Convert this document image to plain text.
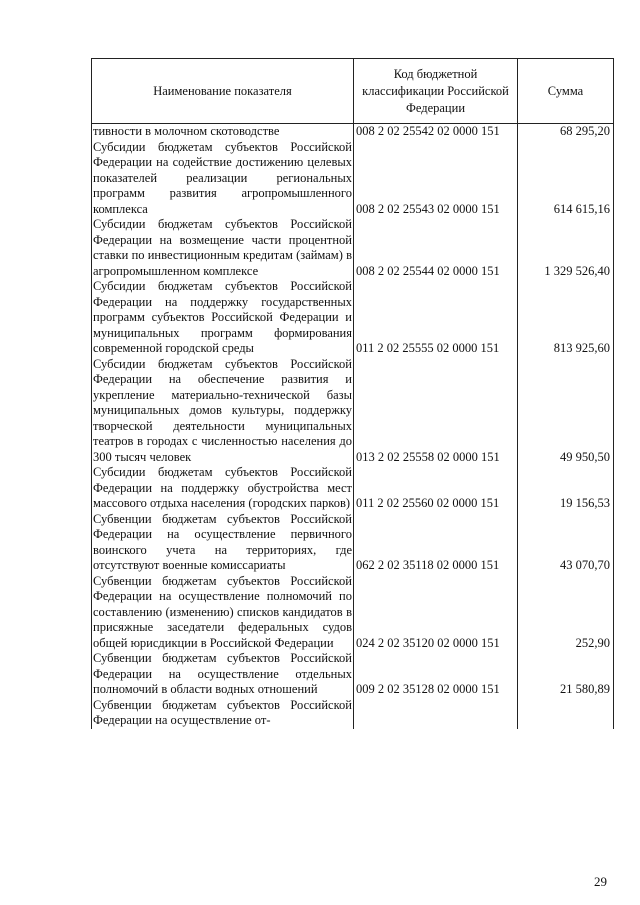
Наименование показателя	Код бюджетной классификации Российской Федерации	Сумма
тивности в молочном скотоводстве	008 2 02 25542 02 0000 151	68 295,20
Субсидии бюджетам субъектов Российской Федерации на содействие достижению целевых показателей реализации региональных программ развития агропромышленного комплекса	008 2 02 25543 02 0000 151	614 615,16
Субсидии бюджетам субъектов Российской Федерации на возмещение части процентной ставки по инвестиционным кредитам (займам) в агропромышленном комплексе	008 2 02 25544 02 0000 151	1 329 526,40
Субсидии бюджетам субъектов Российской Федерации на поддержку государственных программ субъектов Российской Федерации и муниципальных программ формирования современной городской среды	011 2 02 25555 02 0000 151	813 925,60
Субсидии бюджетам субъектов Российской Федерации на обеспечение развития и укрепление материально-технической базы муниципальных домов культуры, поддержку творческой деятельности муниципальных театров в городах с численностью населения до 300 тысяч человек	013 2 02 25558 02 0000 151	49 950,50
Субсидии бюджетам субъектов Российской Федерации на поддержку обустройства мест массового отдыха населения (городских парков)	011 2 02 25560 02 0000 151	19 156,53
Субвенции бюджетам субъектов Российской Федерации на осуществление первичного воинского учета на территориях, где отсутствуют военные комиссариаты	062 2 02 35118 02 0000 151	43 070,70
Субвенции бюджетам субъектов Российской Федерации на осуществление полномочий по составлению (изменению) списков кандидатов в присяжные заседатели федеральных судов общей юрисдикции в Российской Федерации	024 2 02 35120 02 0000 151	252,90
Субвенции бюджетам субъектов Российской Федерации на осуществление отдельных полномочий в области водных отношений	009 2 02 35128 02 0000 151	21 580,89
Субвенции бюджетам субъектов Российской Федерации на осуществление от-		
29
